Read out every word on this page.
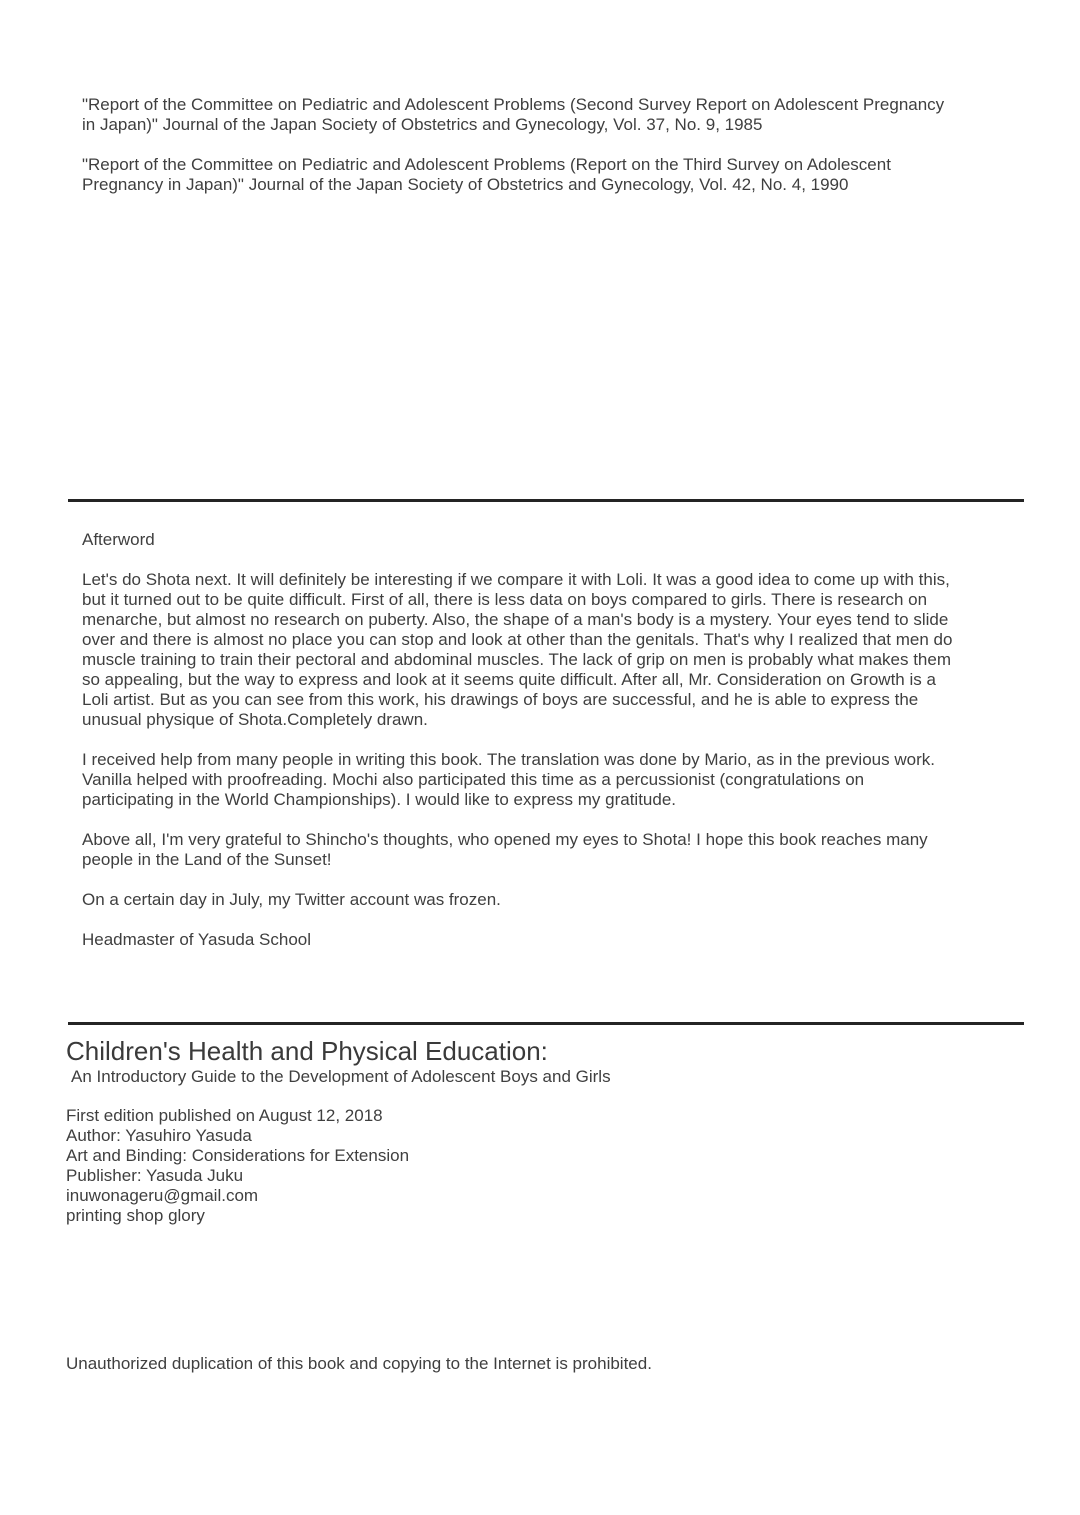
"Report of the Committee on Pediatric and Adolescent Problems (Second Survey Report on Adolescent Pregnancy in Japan)" Journal of the Japan Society of Obstetrics and Gynecology, Vol. 37, No. 9, 1985

"Report of the Committee on Pediatric and Adolescent Problems (Report on the Third Survey on Adolescent Pregnancy in Japan)" Journal of the Japan Society of Obstetrics and Gynecology, Vol. 42, No. 4, 1990

Afterword

Let's do Shota next. It will definitely be interesting if we compare it with Loli. It was a good idea to come up with this, but it turned out to be quite difficult. First of all, there is less data on boys compared to girls. There is research on menarche, but almost no research on puberty. Also, the shape of a man's body is a mystery. Your eyes tend to slide over and there is almost no place you can stop and look at other than the genitals. That's why I realized that men do muscle training to train their pectoral and abdominal muscles. The lack of grip on men is probably what makes them so appealing, but the way to express and look at it seems quite difficult. After all, Mr. Consideration on Growth is a Loli artist. But as you can see from this work, his drawings of boys are successful, and he is able to express the unusual physique of Shota.Completely drawn.

I received help from many people in writing this book. The translation was done by Mario, as in the previous work. Vanilla helped with proofreading. Mochi also participated this time as a percussionist (congratulations on participating in the World Championships). I would like to express my gratitude.

Above all, I'm very grateful to Shincho's thoughts, who opened my eyes to Shota! I hope this book reaches many people in the Land of the Sunset!

On a certain day in July, my Twitter account was frozen.

Headmaster of Yasuda School

Children's Health and Physical Education:

An Introductory Guide to the Development of Adolescent Boys and Girls

First edition published on August 12, 2018

Author: Yasuhiro Yasuda

Art and Binding: Considerations for Extension

Publisher: Yasuda Juku

inuwonageru@gmail.com

printing shop glory

Unauthorized duplication of this book and copying to the Internet is prohibited.
